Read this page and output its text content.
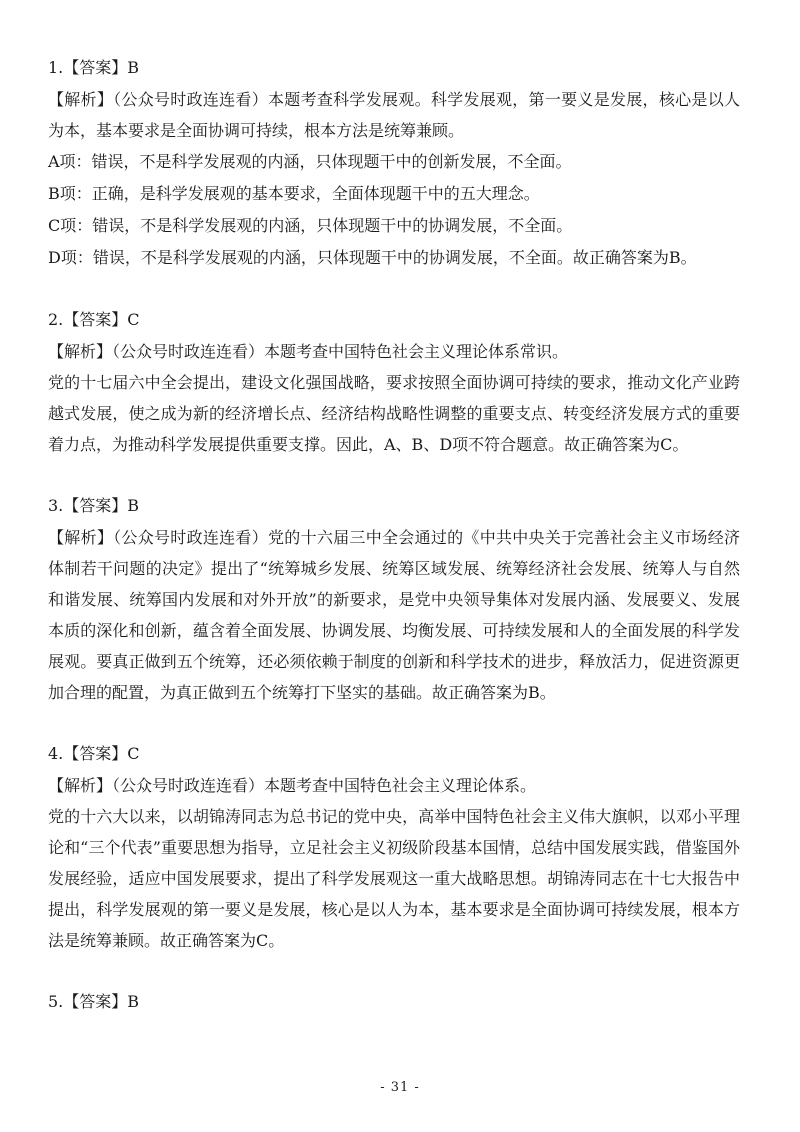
1.【答案】B

【解析】（公众号时政连连看）本题考查科学发展观。科学发展观，第一要义是发展，核心是以人为本，基本要求是全面协调可持续，根本方法是统筹兼顾。

A项：错误，不是科学发展观的内涵，只体现题干中的创新发展，不全面。

B项：正确，是科学发展观的基本要求，全面体现题干中的五大理念。

C项：错误，不是科学发展观的内涵，只体现题干中的协调发展，不全面。

D项：错误，不是科学发展观的内涵，只体现题干中的协调发展，不全面。故正确答案为B。

2.【答案】C

【解析】（公众号时政连连看）本题考查中国特色社会主义理论体系常识。

党的十七届六中全会提出，建设文化强国战略，要求按照全面协调可持续的要求，推动文化产业跨越式发展，使之成为新的经济增长点、经济结构战略性调整的重要支点、转变经济发展方式的重要着力点，为推动科学发展提供重要支撑。因此，A、B、D项不符合题意。故正确答案为C。

3.【答案】B

【解析】（公众号时政连连看）党的十六届三中全会通过的《中共中央关于完善社会主义市场经济体制若干问题的决定》提出了“统筹城乡发展、统筹区域发展、统筹经济社会发展、统筹人与自然和谐发展、统筹国内发展和对外开放”的新要求，是党中央领导集体对发展内涵、发展要义、发展本质的深化和创新，蕴含着全面发展、协调发展、均衡发展、可持续发展和人的全面发展的科学发展观。要真正做到五个统筹，还必须依赖于制度的创新和科学技术的进步，释放活力，促进资源更加合理的配置，为真正做到五个统筹打下坚实的基础。故正确答案为B。

4.【答案】C

【解析】（公众号时政连连看）本题考查中国特色社会主义理论体系。

党的十六大以来，以胡锦涛同志为总书记的党中央，高举中国特色社会主义伟大旗帜，以邓小平理论和“三个代表”重要思想为指导，立足社会主义初级阶段基本国情，总结中国发展实践，借鉴国外发展经验，适应中国发展要求，提出了科学发展观这一重大战略思想。胡锦涛同志在十七大报告中提出，科学发展观的第一要义是发展，核心是以人为本，基本要求是全面协调可持续发展，根本方法是统筹兼顾。故正确答案为C。

5.【答案】B
- 31 -
